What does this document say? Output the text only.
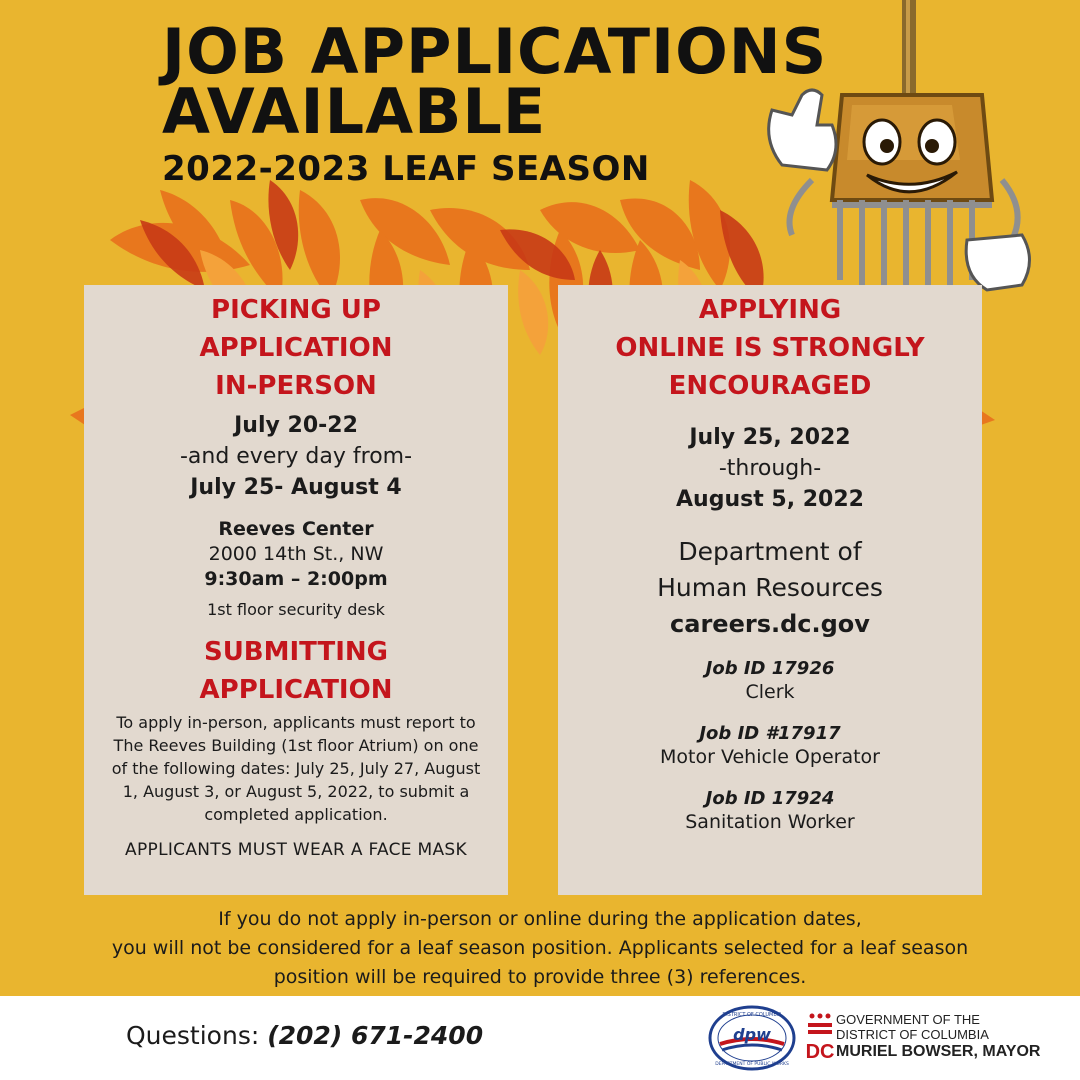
JOB APPLICATIONS
AVAILABLE
2022-2023 LEAF SEASON
PICKING UP
APPLICATION
IN-PERSON
July 20-22
-and every day from-
July 25- August 4
Reeves Center
2000 14th St., NW
9:30am – 2:00pm
1st floor security desk
SUBMITTING
APPLICATION
To apply in-person, applicants must report to The Reeves Building (1st floor Atrium) on one of the following dates: July 25, July 27, August 1, August 3, or August 5, 2022, to submit a completed application.
APPLICANTS MUST WEAR A FACE MASK
APPLYING
ONLINE IS STRONGLY
ENCOURAGED
July 25, 2022
-through-
August 5, 2022
Department of
Human Resources
careers.dc.gov
Job ID 17926
Clerk
Job ID #17917
Motor Vehicle Operator
Job ID 17924
Sanitation Worker
If you do not apply in-person or online during the application dates,
you will not be considered for a leaf season position. Applicants selected for a leaf season
position will be required to provide three (3) references.
Questions: (202) 671-2400	dpw
DISTRICT OF COLUMBIA
DEPARTMENT OF PUBLIC WORKS
DC
GOVERNMENT OF THE
DISTRICT OF COLUMBIA
MURIEL BOWSER, MAYOR
